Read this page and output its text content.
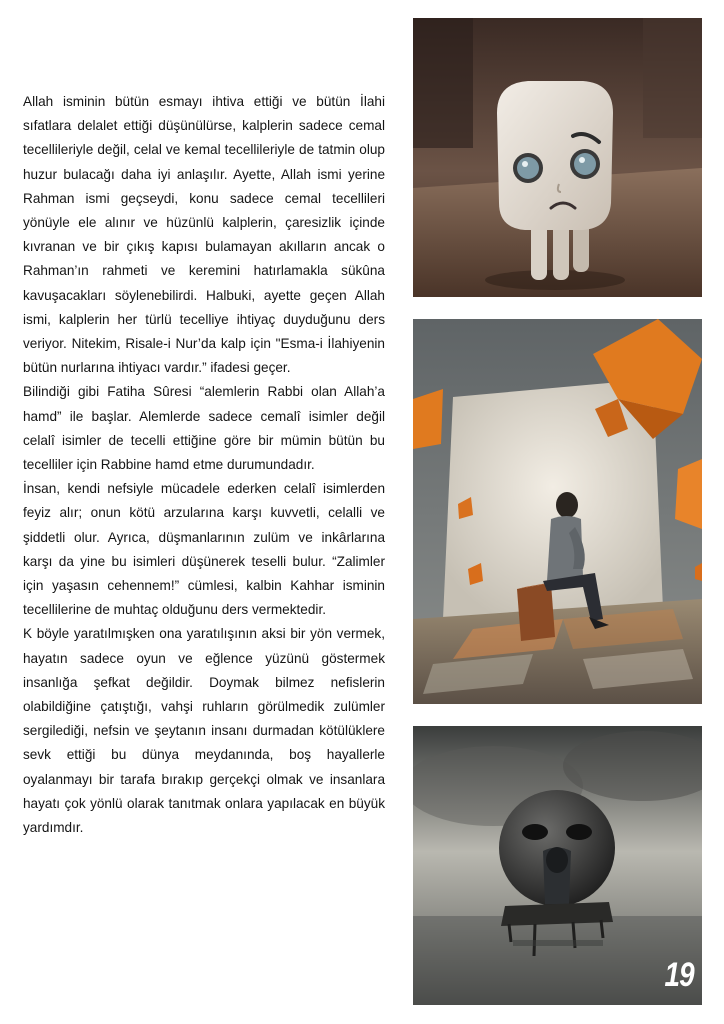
Allah isminin bütün esmayı ihtiva ettiği ve bütün İlahi sıfatlara delalet ettiği düşünülürse, kalplerin sadece cemal tecellileriyle değil, celal ve kemal tecellileriyle de tatmin olup huzur bulacağı daha iyi anlaşılır. Ayette, Allah ismi yerine Rahman ismi geçseydi, konu sadece cemal tecellileri yönüyle ele alınır ve hüzünlü kalplerin, çaresizlik içinde kıvranan ve bir çıkış kapısı bulamayan akılların ancak o Rahman’ın rahmeti ve keremini hatırlamakla sükûna kavuşacakları söylenebilirdi. Halbuki, ayette geçen Allah ismi, kalplerin her türlü tecelliye ihtiyaç duyduğunu ders veriyor. Nitekim, Risale-i Nur’da kalp için "Esma-i İlahiyenin bütün nurlarına ihtiyacı vardır.” ifadesi geçer.

Bilindiği gibi Fatiha Sûresi “alemlerin Rabbi olan Allah’a hamd” ile başlar. Alemlerde sadece cemalî isimler değil celalî isimler de tecelli ettiğine göre bir mümin bütün bu tecelliler için Rabbine hamd etme durumundadır.

İnsan, kendi nefsiyle mücadele ederken celalî isimlerden feyiz alır; onun kötü arzularına karşı kuvvetli, celalli ve şiddetli olur. Ayrıca, düşmanlarının zulüm ve inkârlarına karşı da yine bu isimleri düşünerek teselli bulur. “Zalimler için yaşasın cehennem!” cümlesi, kalbin Kahhar isminin tecellilerine de muhtaç olduğunu ders vermektedir.

K böyle yaratılmışken ona yaratılışının aksi bir yön vermek, hayatın sadece oyun ve eğlence yüzünü göstermek insanlığa şefkat değildir. Doymak bilmez nefislerin olabildiğine çatıştığı, vahşi ruhların görülmedik zulümler sergilediği, nefsin ve şeytanın insanı durmadan kötülüklere sevk ettiği bu dünya meydanında, boş hayallerle oyalanmayı bir tarafa bırakıp gerçekçi olmak ve insanlara hayatı çok yönlü olarak tanıtmak onlara yapılacak en büyük yardımdır.

19
